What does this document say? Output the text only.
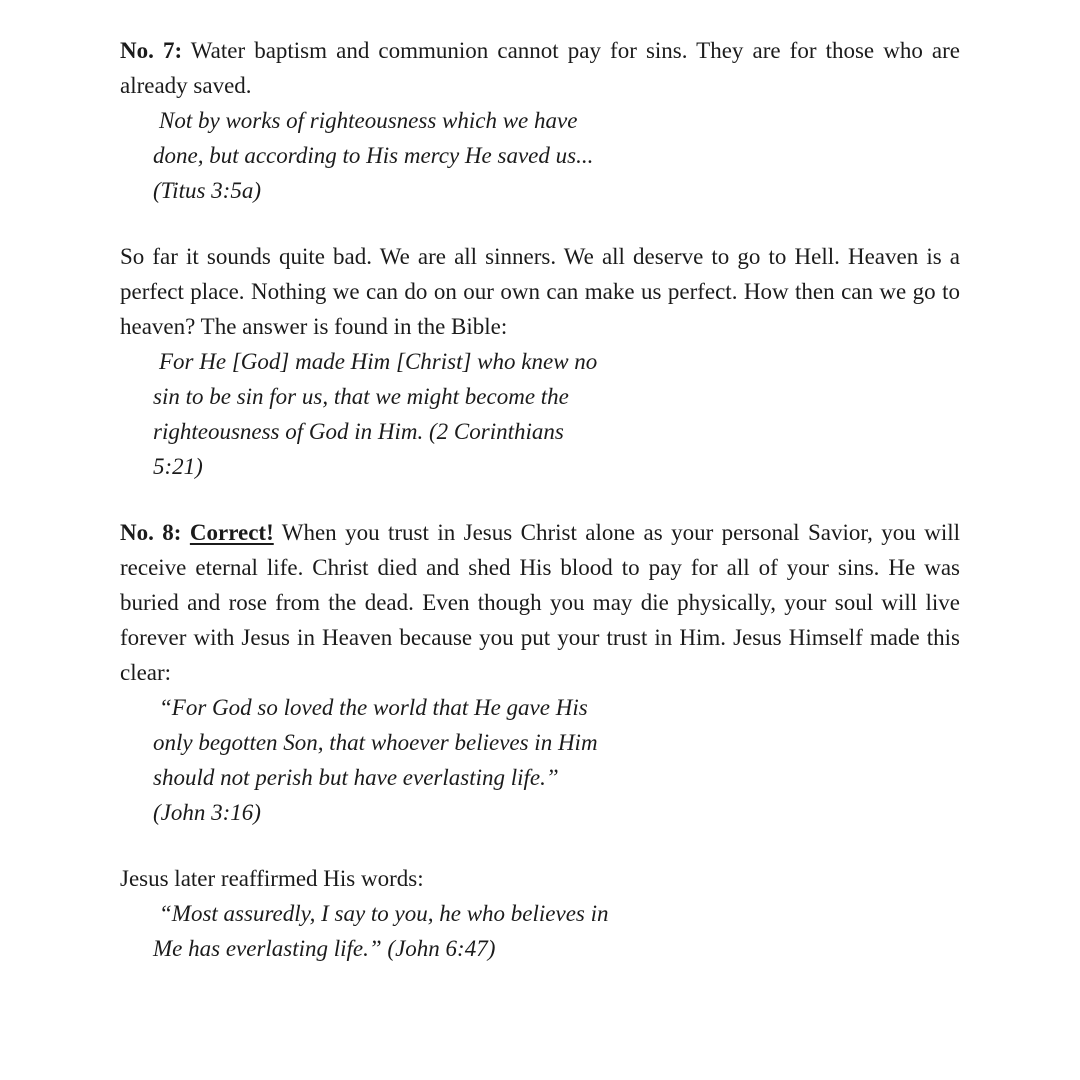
No. 7: Water baptism and communion cannot pay for sins. They are for those who are already saved.

Not by works of righteousness which we have
done, but according to His mercy He saved us...
(Titus 3:5a)

So far it sounds quite bad. We are all sinners. We all deserve to go to Hell. Heaven is a perfect place. Nothing we can do on our own can make us perfect. How then can we go to heaven? The answer is found in the Bible:

For He [God] made Him [Christ] who knew no
sin to be sin for us, that we might become the
righteousness of God in Him. (2 Corinthians
5:21)

No. 8: Correct! When you trust in Jesus Christ alone as your personal Savior, you will receive eternal life. Christ died and shed His blood to pay for all of your sins. He was buried and rose from the dead. Even though you may die physically, your soul will live forever with Jesus in Heaven because you put your trust in Him. Jesus Himself made this clear:

“For God so loved the world that He gave His
only begotten Son, that whoever believes in Him
should not perish but have everlasting life.”
(John 3:16)

Jesus later reaffirmed His words:

“Most assuredly, I say to you, he who believes in
Me has everlasting life.” (John 6:47)
